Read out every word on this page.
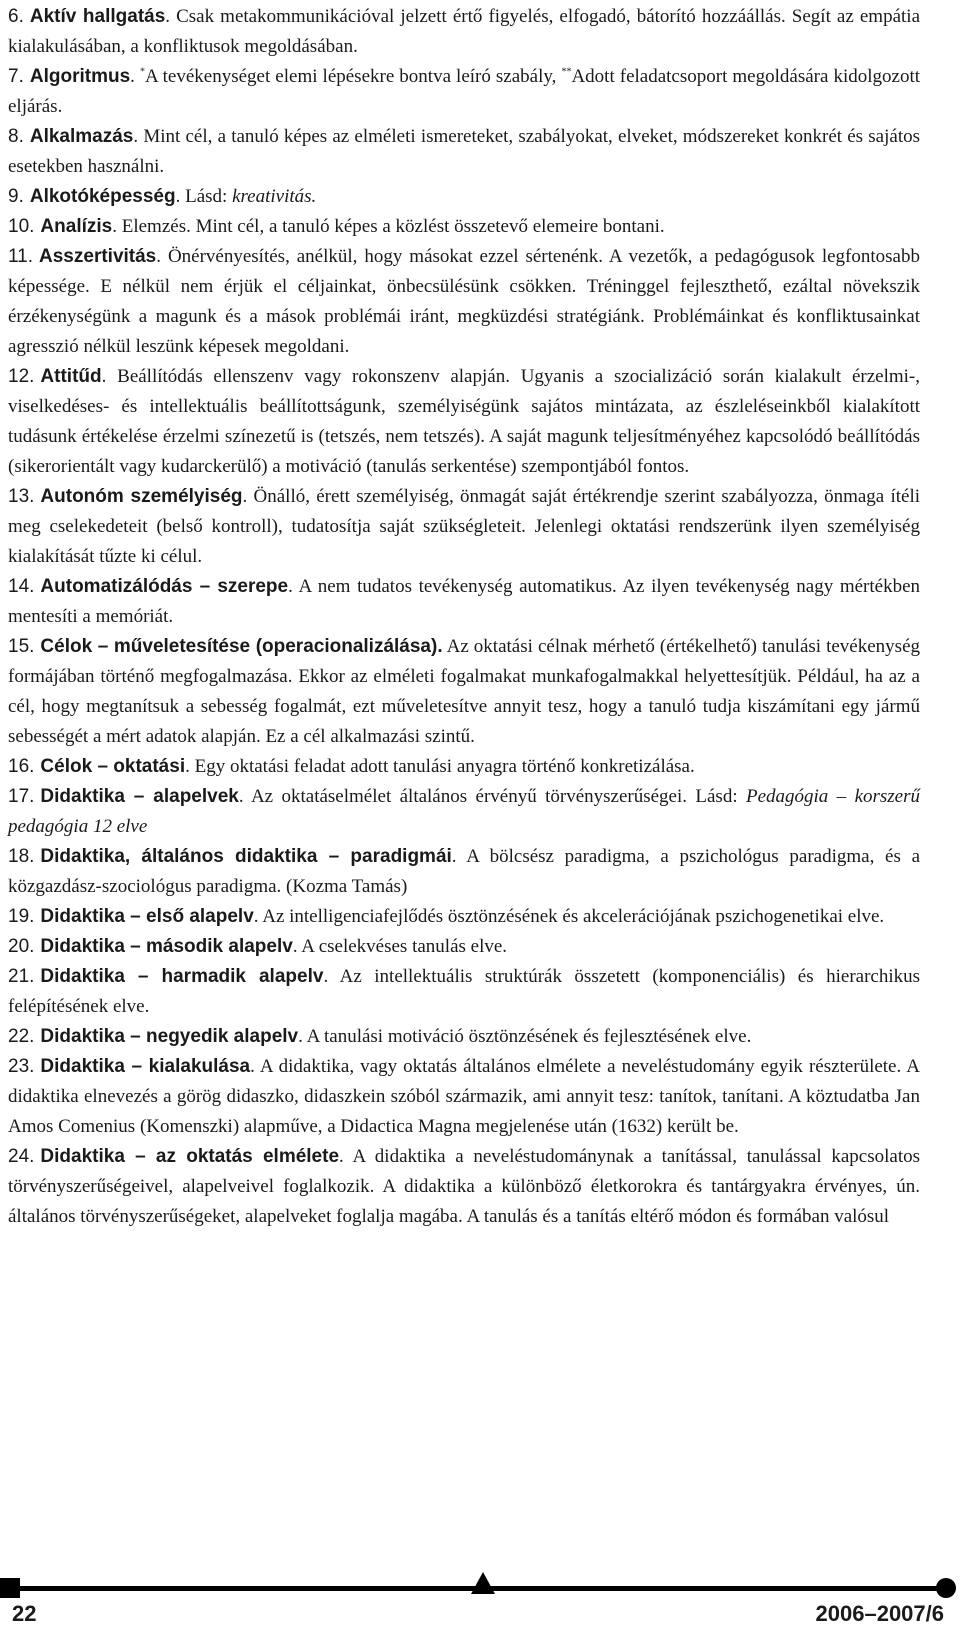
6. Aktív hallgatás. Csak metakommunikációval jelzett értő figyelés, elfogadó, bátorító hozzáállás. Segít az empátia kialakulásában, a konfliktusok megoldásában.
7. Algoritmus. *A tevékenységet elemi lépésekre bontva leíró szabály, **Adott feladatcsoport megoldására kidolgozott eljárás.
8. Alkalmazás. Mint cél, a tanuló képes az elméleti ismereteket, szabályokat, elveket, módszereket konkrét és sajátos esetekben használni.
9. Alkotóképesség. Lásd: kreativitás.
10. Analízis. Elemzés. Mint cél, a tanuló képes a közlést összetevő elemeire bontani.
11. Asszertivitás. Önérvényesítés, anélkül, hogy másokat ezzel sértenénk. A vezetők, a pedagógusok legfontosabb képessége. E nélkül nem érjük el céljainkat, önbecsülésünk csökken. Tréninggel fejleszthető, ezáltal növekszik érzékenységünk a magunk és a mások problémái iránt, megküzdési stratégiánk. Problémáinkat és konfliktusainkat agresszió nélkül leszünk képesek megoldani.
12. Attitűd. Beállítódás ellenszenv vagy rokonszenv alapján. Ugyanis a szocializáció során kialakult érzelmi-, viselkedéses- és intellektuális beállítottságunk, személyiségünk sajátos mintázata, az észleléseinkből kialakított tudásunk értékelése érzelmi színezetű is (tetszés, nem tetszés). A saját magunk teljesítményéhez kapcsolódó beállítódás (sikerorientált vagy kudarckerülő) a motiváció (tanulás serkentése) szempontjából fontos.
13. Autonóm személyiség. Önálló, érett személyiség, önmagát saját értékrendje szerint szabályozza, önmaga ítéli meg cselekedeteit (belső kontroll), tudatosítja saját szükségleteit. Jelenlegi oktatási rendszerünk ilyen személyiség kialakítását tűzte ki célul.
14. Automatizálódás – szerepe. A nem tudatos tevékenység automatikus. Az ilyen tevékenység nagy mértékben mentesíti a memóriát.
15. Célok – műveletesítése (operacionalizálása). Az oktatási célnak mérhető (értékelhető) tanulási tevékenység formájában történő megfogalmazása. Ekkor az elméleti fogalmakat munkafogalmakkal helyettesítjük. Például, ha az a cél, hogy megtanítsuk a sebesség fogalmát, ezt műveletesítve annyit tesz, hogy a tanuló tudja kiszámítani egy jármű sebességét a mért adatok alapján. Ez a cél alkalmazási szintű.
16. Célok – oktatási. Egy oktatási feladat adott tanulási anyagra történő konkretizálása.
17. Didaktika – alapelvek. Az oktatáselmélet általános érvényű törvényszerűségei. Lásd: Pedagógia – korszerű pedagógia 12 elve
18. Didaktika, általános didaktika – paradigmái. A bölcsész paradigma, a pszichológus paradigma, és a közgazdász-szociológus paradigma. (Kozma Tamás)
19. Didaktika – első alapelv. Az intelligenciafejlődés ösztönzésének és akcelerációjának pszichogenetikai elve.
20. Didaktika – második alapelv. A cselekvéses tanulás elve.
21. Didaktika – harmadik alapelv. Az intellektuális struktúrák összetett (komponenciális) és hierarchikus felépítésének elve.
22. Didaktika – negyedik alapelv. A tanulási motiváció ösztönzésének és fejlesztésének elve.
23. Didaktika – kialakulása. A didaktika, vagy oktatás általános elmélete a neveléstudomány egyik részterülete. A didaktika elnevezés a görög didaszko, didaszkein szóból származik, ami annyit tesz: tanítok, tanítani. A köztudatba Jan Amos Comenius (Komenszki) alapműve, a Didactica Magna megjelenése után (1632) került be.
24. Didaktika – az oktatás elmélete. A didaktika a neveléstudománynak a tanítással, tanulással kapcsolatos törvényszerűségeivel, alapelveivel foglalkozik. A didaktika a különböző életkorokra és tantárgyakra érvényes, ún. általános törvényszerűségeket, alapelveket foglalja magába. A tanulás és a tanítás eltérő módon és formában valósul
22	2006–2007/6
